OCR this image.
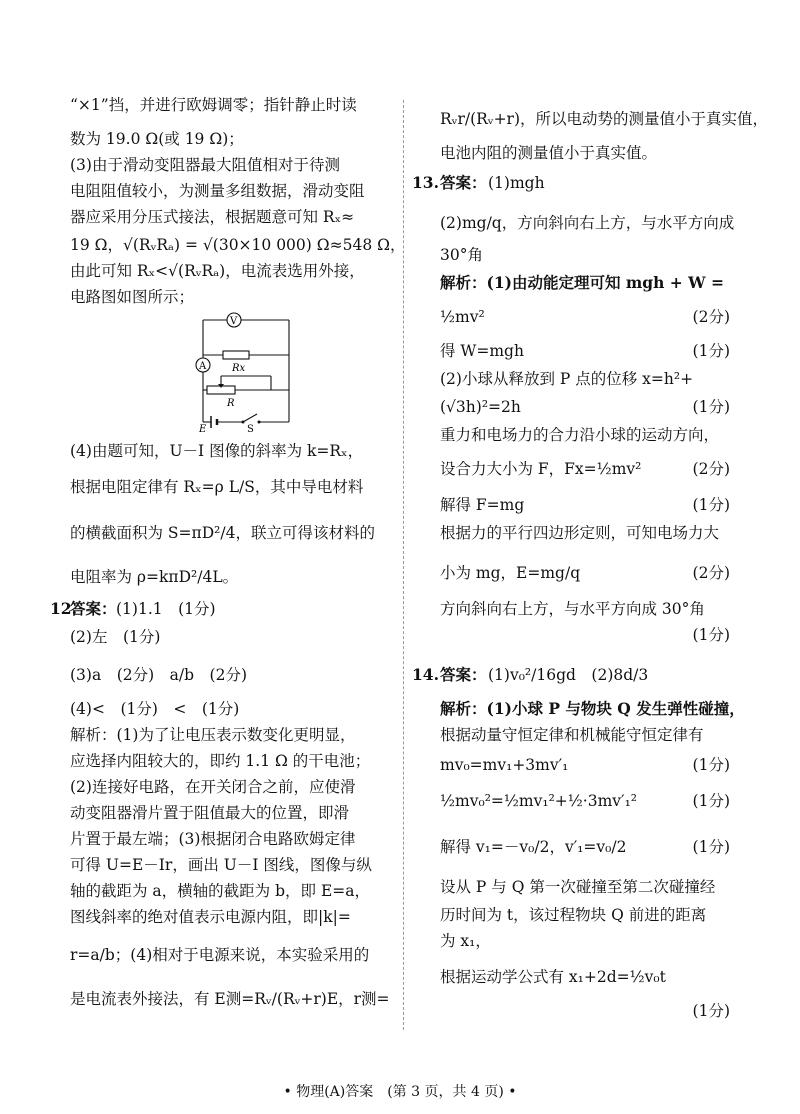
“×1”挡，并进行欧姆调零；指针静止时读
数为 19.0 Ω(或 19 Ω)；
(3)由于滑动变阻器最大阻值相对于待测
电阻阻值较小，为测量多组数据，滑动变阻
器应采用分压式接法，根据题意可知 Rₓ≈
19 Ω，√(RᵥRₐ) = √(30×10 000) Ω≈548 Ω，
由此可知 Rₓ<√(RᵥRₐ)，电流表选用外接，
电路图如图所示；
V
A	Rx
R
E	S
(4)由题可知，U－I 图像的斜率为 k=Rₓ，
根据电阻定律有 Rₓ=ρ L/S，其中导电材料
的横截面积为 S=πD²/4，联立可得该材料的
电阻率为 ρ=kπD²/4L。
12.
答案： (1)1.1　(1分)
(2)左　(1分)
(3)a　(2分)　a/b　(2分)
(4)<　(1分)　<　(1分)
解析：(1)为了让电压表示数变化更明显，
应选择内阻较大的，即约 1.1 Ω 的干电池；
(2)连接好电路，在开关闭合之前，应使滑
动变阻器滑片置于阻值最大的位置，即滑
片置于最左端；(3)根据闭合电路欧姆定律
可得 U=E－Ir，画出 U－I 图线，图像与纵
轴的截距为 a，横轴的截距为 b，即 E=a，
图线斜率的绝对值表示电源内阻，即|k|=
r=a/b；(4)相对于电源来说，本实验采用的
是电流表外接法，有 E测=Rᵥ/(Rᵥ+r)E，r测=
Rᵥr/(Rᵥ+r)，所以电动势的测量值小于真实值，
电池内阻的测量值小于真实值。
13. 答案： (1)mgh
(2)mg/q，方向斜向右上方，与水平方向成
30°角
解析：(1)由动能定理可知 mgh + W =
½mv²	(2分)
得 W=mgh	(1分)
(2)小球从释放到 P 点的位移 x=h²+
(√3h)²=2h	(1分)
重力和电场力的合力沿小球的运动方向，
设合力大小为 F，Fx=½mv²	(2分)
解得 F=mg	(1分)
根据力的平行四边形定则，可知电场力大
小为 mg，E=mg/q	(2分)
方向斜向右上方，与水平方向成 30°角
(1分)
14. 答案： (1)v₀²/16gd　(2)8d/3
解析：(1)小球 P 与物块 Q 发生弹性碰撞，
根据动量守恒定律和机械能守恒定律有
mv₀=mv₁+3mv′₁	(1分)
½mv₀²=½mv₁²+½·3mv′₁²	(1分)
解得 v₁=－v₀/2，v′₁=v₀/2	(1分)
设从 P 与 Q 第一次碰撞至第二次碰撞经
历时间为 t，该过程物块 Q 前进的距离
为 x₁，
根据运动学公式有 x₁+2d=½v₀t
(1分)
• 物理(A)答案　(第 3 页，共 4 页) •
